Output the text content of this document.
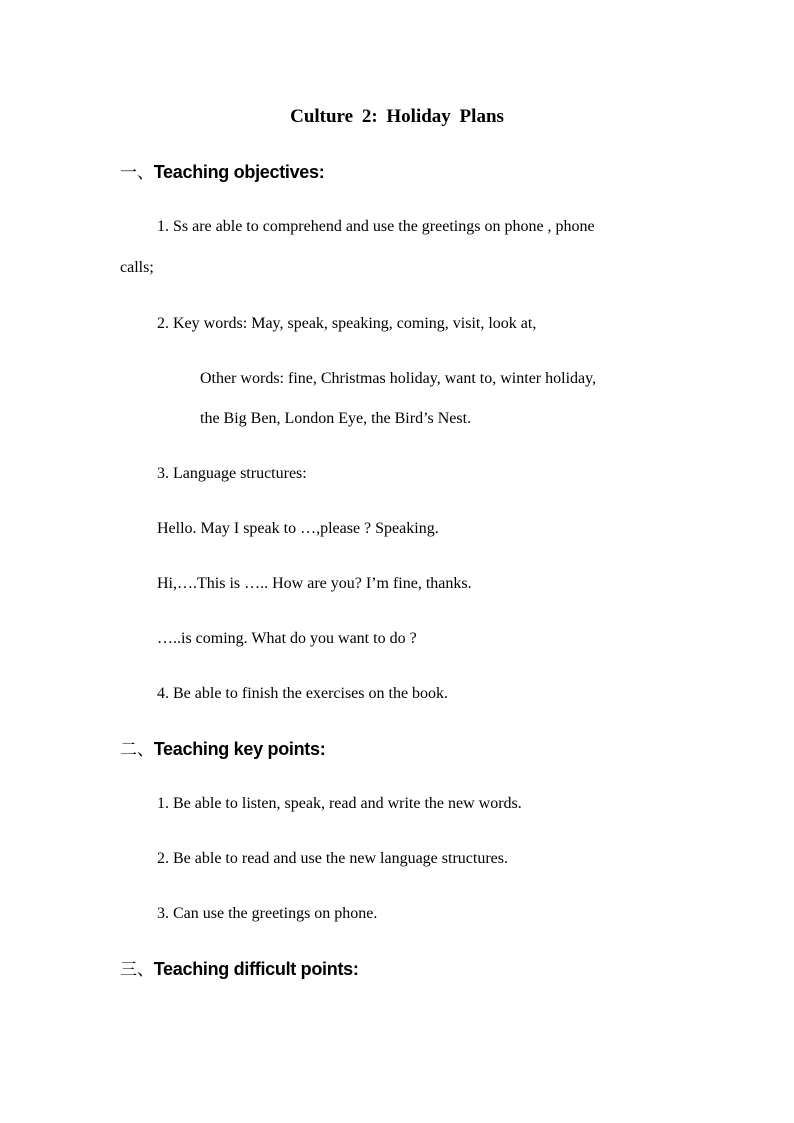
Culture 2: Holiday Plans
一、Teaching objectives:
1. Ss are able to comprehend and use the greetings on phone , phone
calls;
2. Key words: May, speak, speaking, coming, visit, look at,
Other words: fine, Christmas holiday, want to, winter holiday,
the Big Ben, London Eye, the Bird’s Nest.
3. Language structures:
Hello. May I speak to …,please ? Speaking.
Hi,….This is ….. How are you? I’m fine, thanks.
…..is coming. What do you want to do ?
4. Be able to finish the exercises on the book.
二、Teaching key points:
1. Be able to listen, speak, read and write the new words.
2. Be able to read and use the new language structures.
3. Can use the greetings on phone.
三、Teaching difficult points:
